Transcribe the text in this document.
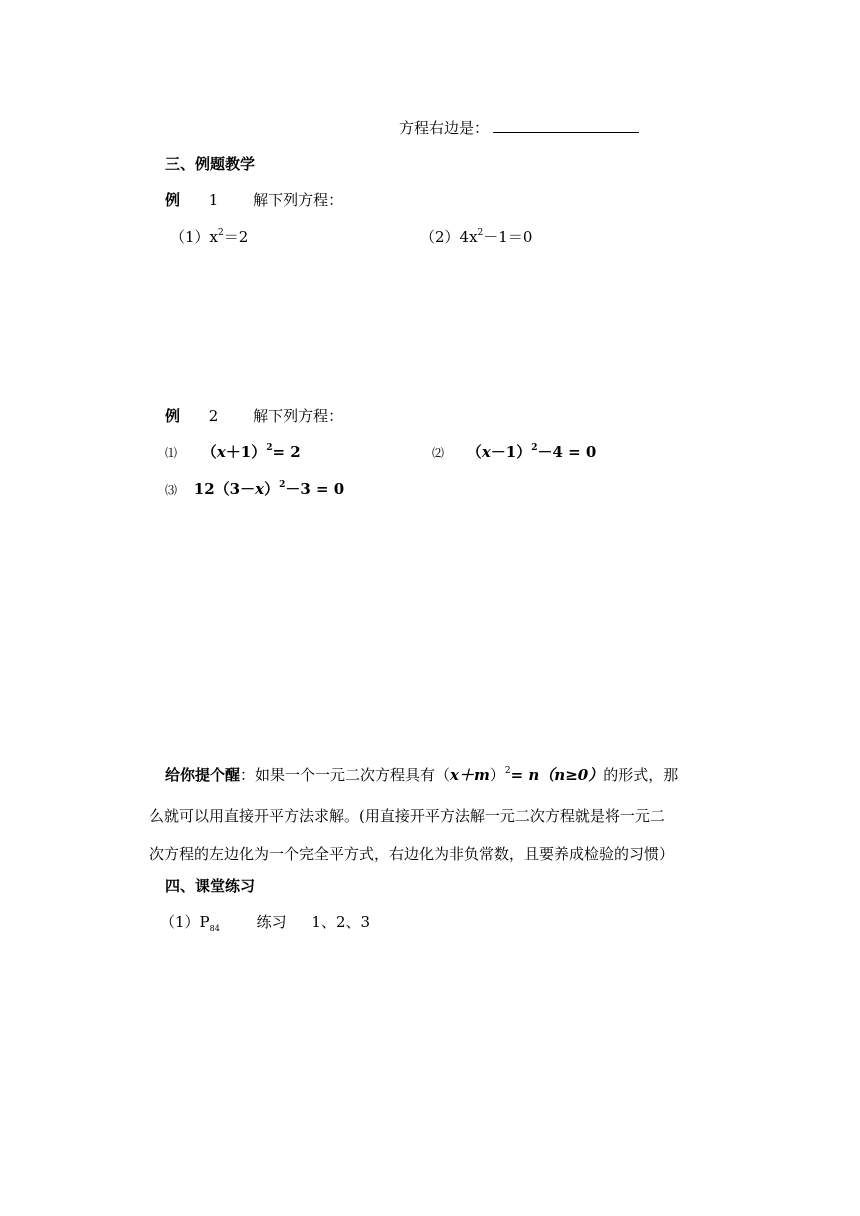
方程右边是：
三、例题教学
例 1 解下列方程：
$(1)x^2=2$	$(2)4x^2-1=0$
例 2 解下列方程：
⑴ $(x+1)^2= 2$	⑵ $(x-1)^2-4 = 0$
⑶ $12(3-x)^2-3 = 0$
给你提个醒：如果一个一元二次方程具有$(x+m)^2= n(n\ge 0)$的形式，那
么就可以用直接开平方法求解。(用直接开平方法解一元二次方程就是将一元二
次方程的左边化为一个完全平方式，右边化为非负常数，且要养成检验的习惯）
四、课堂练习
$(1)P_{84}$ 练习 1、2、3
